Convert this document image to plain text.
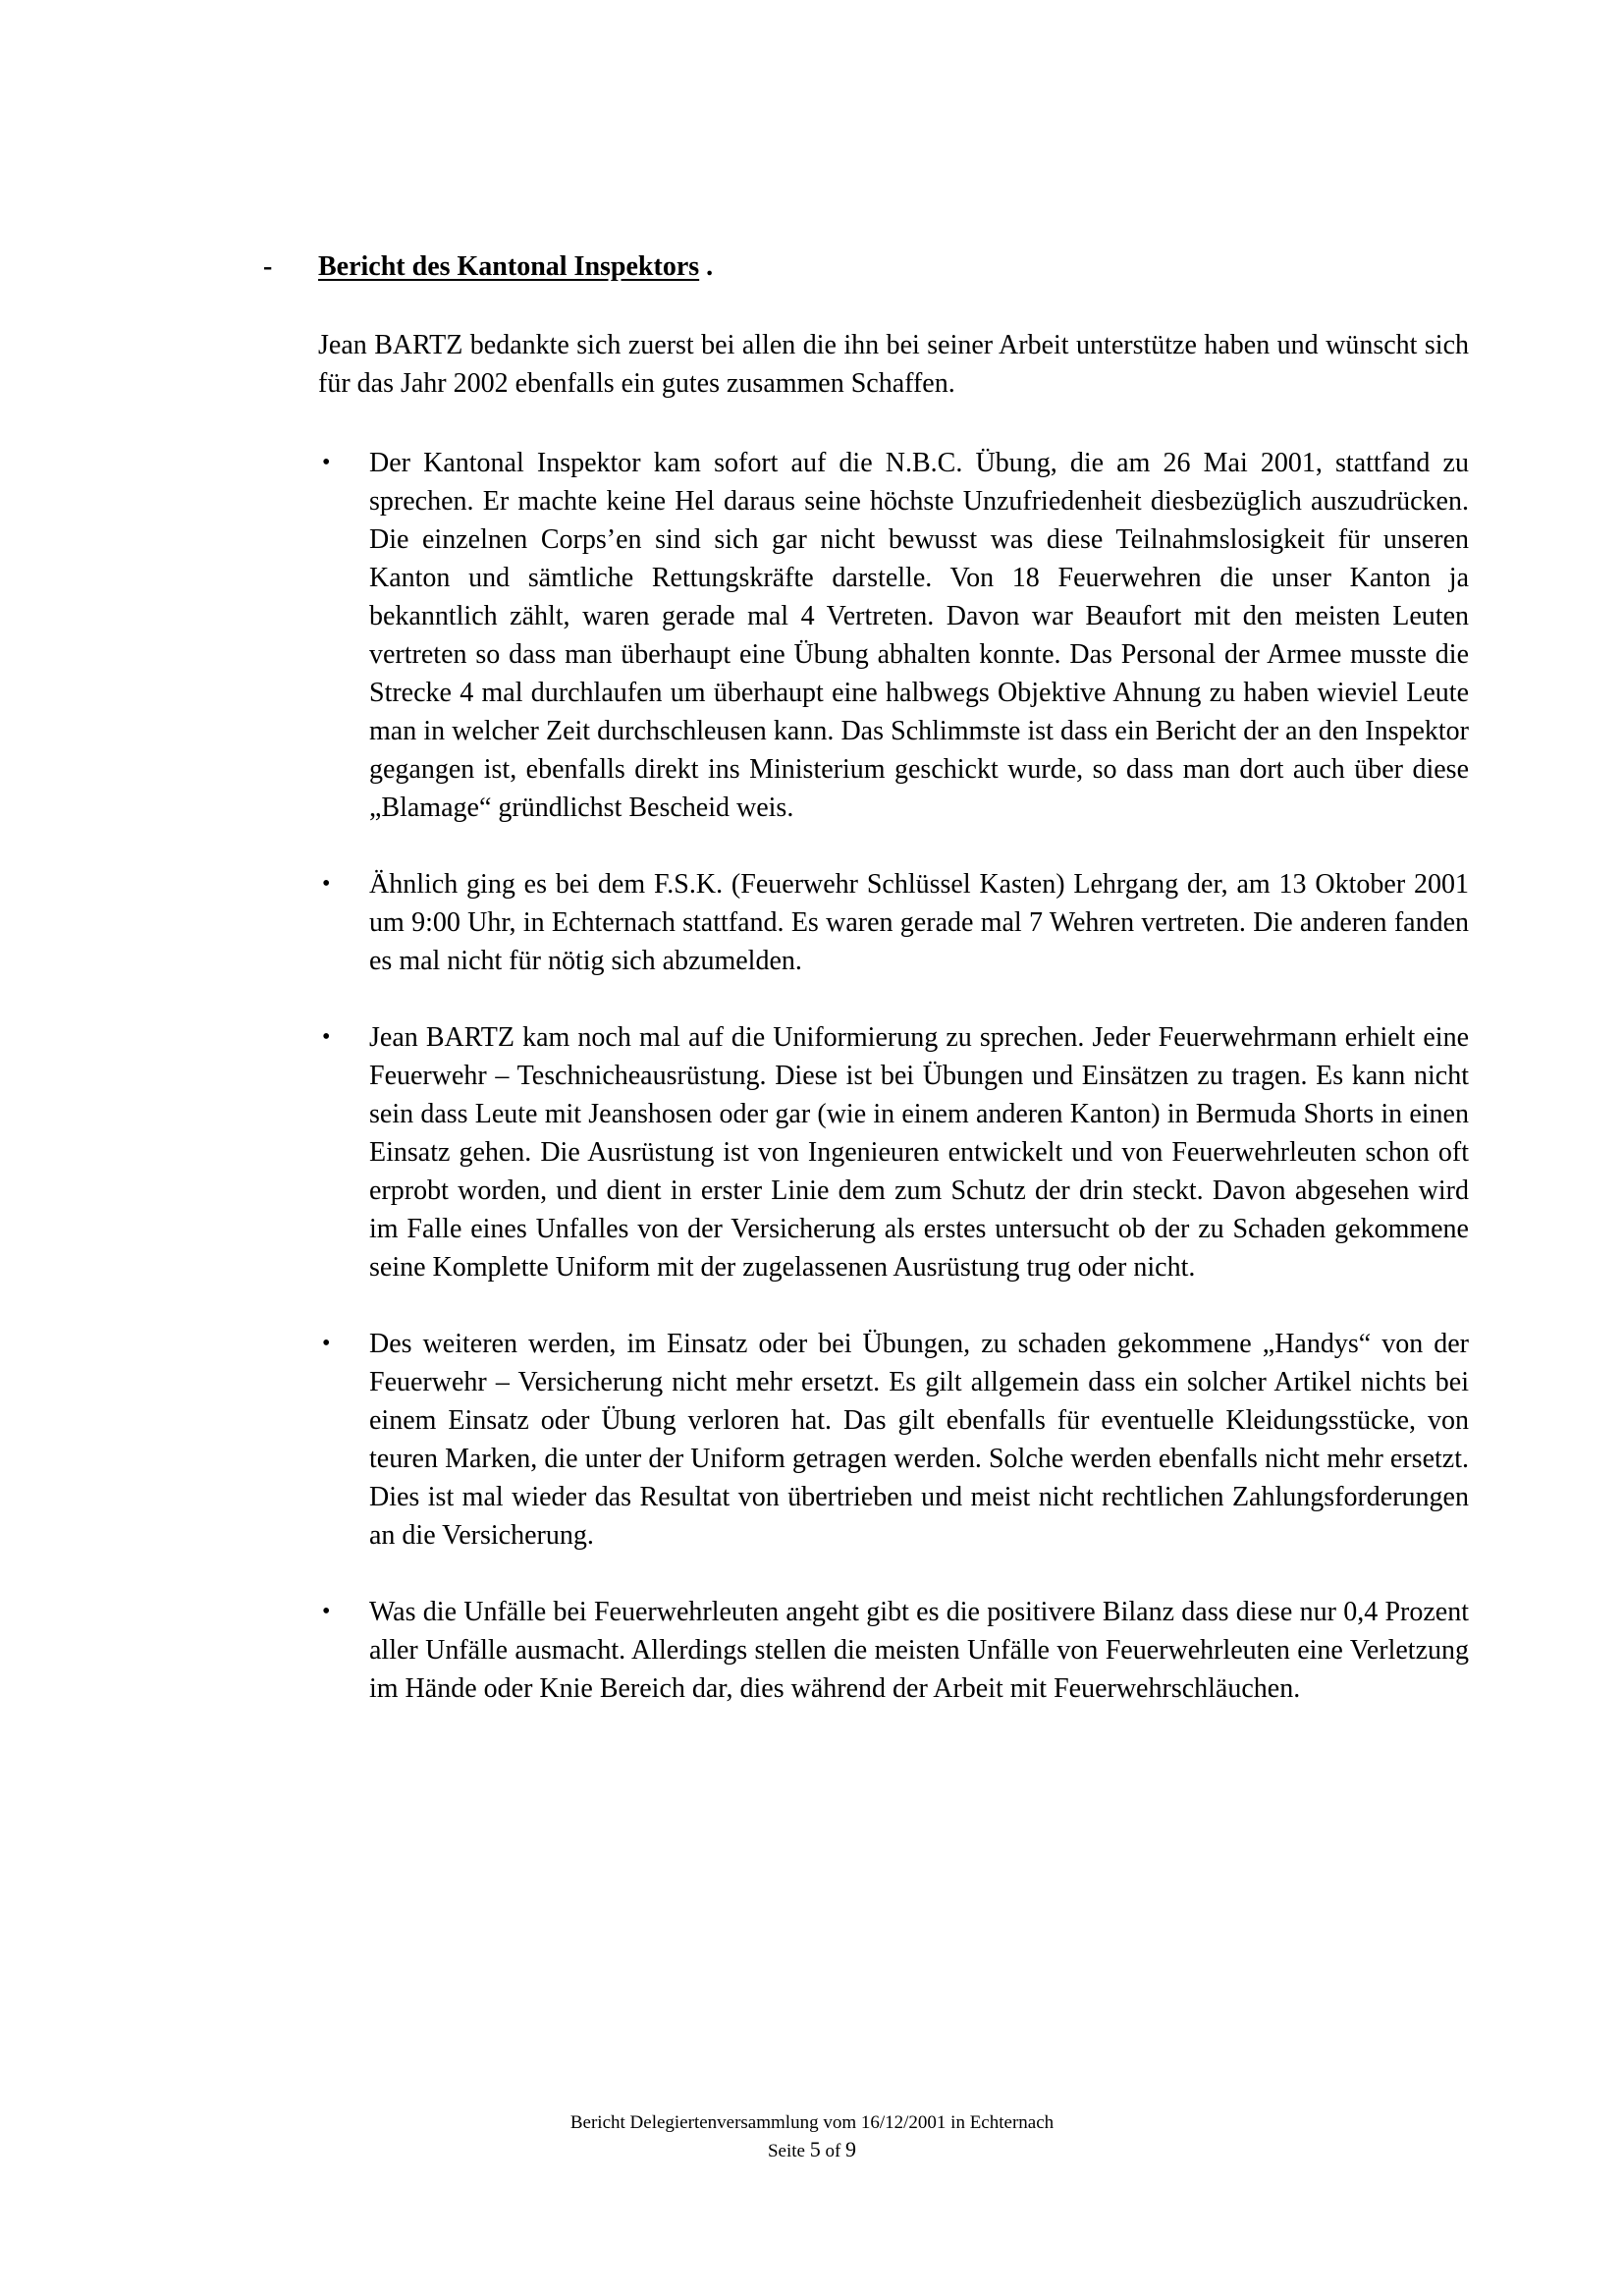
- Bericht des Kantonal Inspektors .
Jean BARTZ bedankte sich zuerst bei allen die ihn bei seiner Arbeit unterstütze haben und wünscht sich für das Jahr 2002 ebenfalls ein gutes zusammen Schaffen.
• Der Kantonal Inspektor kam sofort auf die N.B.C. Übung, die am 26 Mai 2001, stattfand zu sprechen. Er machte keine Hel daraus seine höchste Unzufriedenheit diesbezüglich auszudrücken. Die einzelnen Corps’en sind sich gar nicht bewusst was diese Teilnahmslosigkeit für unseren Kanton und sämtliche Rettungskräfte darstelle. Von 18 Feuerwehren die unser Kanton ja bekanntlich zählt, waren gerade mal 4 Vertreten. Davon war Beaufort mit den meisten Leuten vertreten so dass man überhaupt eine Übung abhalten konnte. Das Personal der Armee musste die Strecke 4 mal durchlaufen um überhaupt eine halbwegs Objektive Ahnung zu haben wieviel Leute man in welcher Zeit durchschleusen kann. Das Schlimmste ist dass ein Bericht der an den Inspektor gegangen ist, ebenfalls direkt ins Ministerium geschickt wurde, so dass man dort auch über diese „Blamage“ gründlichst Bescheid weis.
• Ähnlich ging es bei dem F.S.K. (Feuerwehr Schlüssel Kasten) Lehrgang der, am 13 Oktober 2001 um 9:00 Uhr, in Echternach stattfand. Es waren gerade mal 7 Wehren vertreten. Die anderen fanden es mal nicht für nötig sich abzumelden.
• Jean BARTZ kam noch mal auf die Uniformierung zu sprechen. Jeder Feuerwehrmann erhielt eine Feuerwehr – Teschnicheausrüstung. Diese ist bei Übungen und Einsätzen zu tragen. Es kann nicht sein dass Leute mit Jeanshosen oder gar (wie in einem anderen Kanton) in Bermuda Shorts in einen Einsatz gehen. Die Ausrüstung ist von Ingenieuren entwickelt und von Feuerwehrleuten schon oft erprobt worden, und dient in erster Linie dem zum Schutz der drin steckt. Davon abgesehen wird im Falle eines Unfalles von der Versicherung als erstes untersucht ob der zu Schaden gekommene seine Komplette Uniform mit der zugelassenen Ausrüstung trug oder nicht.
• Des weiteren werden, im Einsatz oder bei Übungen, zu schaden gekommene „Handys“ von der Feuerwehr – Versicherung nicht mehr ersetzt. Es gilt allgemein dass ein solcher Artikel nichts bei einem Einsatz oder Übung verloren hat. Das gilt ebenfalls für eventuelle Kleidungsstücke, von teuren Marken, die unter der Uniform getragen werden. Solche werden ebenfalls nicht mehr ersetzt. Dies ist mal wieder das Resultat von übertrieben und meist nicht rechtlichen Zahlungsforderungen an die Versicherung.
• Was die Unfälle bei Feuerwehrleuten angeht gibt es die positivere Bilanz dass diese nur 0,4 Prozent aller Unfälle ausmacht. Allerdings stellen die meisten Unfälle von Feuerwehrleuten eine Verletzung im Hände oder Knie Bereich dar, dies während der Arbeit mit Feuerwehrschläuchen.
Bericht Delegiertenversammlung vom 16/12/2001 in Echternach
Seite 5 of 9
